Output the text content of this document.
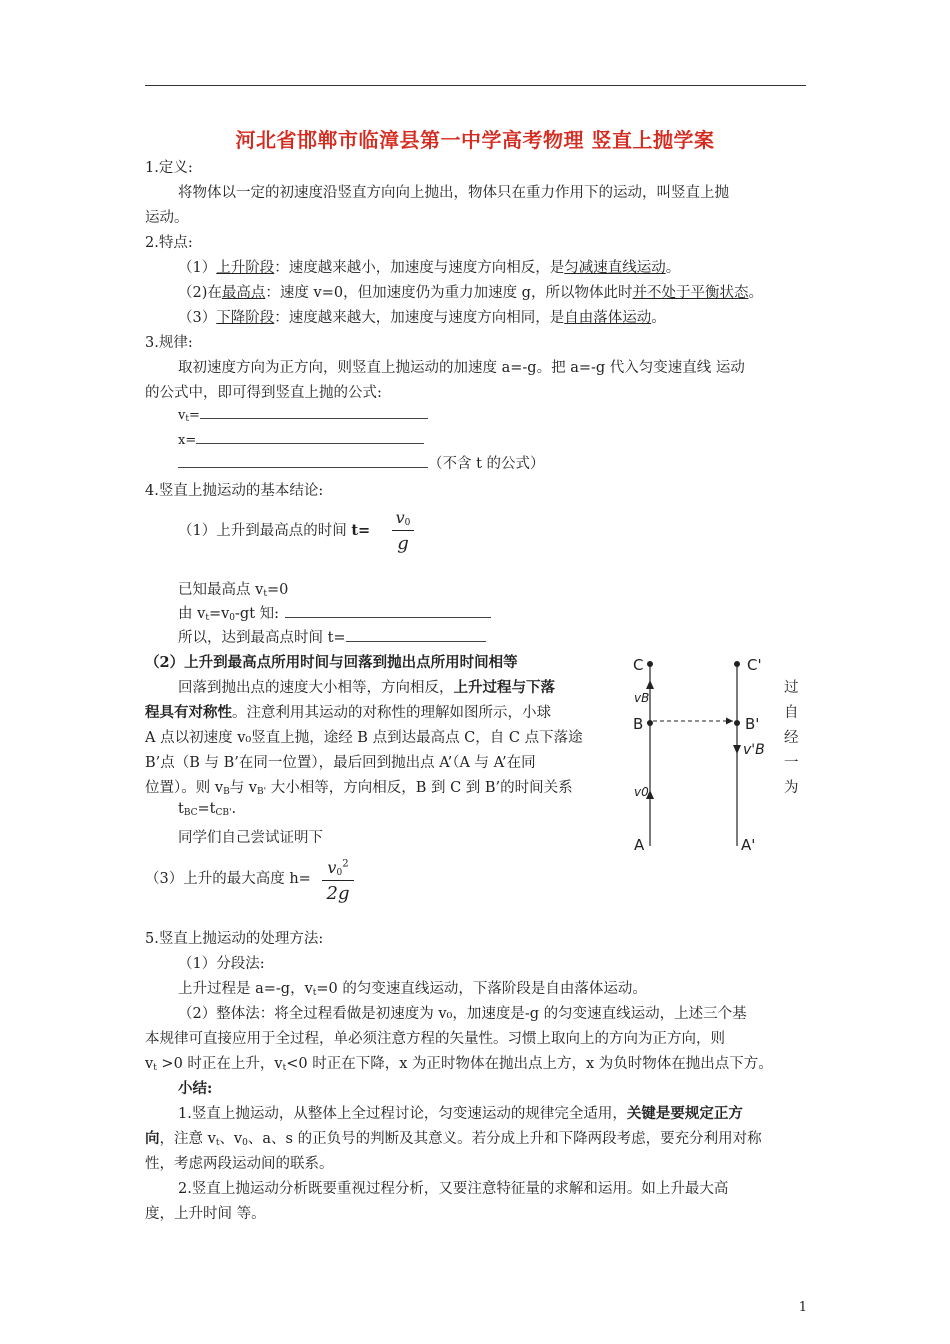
河北省邯郸市临漳县第一中学高考物理 竖直上抛学案
1.定义:
将物体以一定的初速度沿竖直方向向上抛出，物体只在重力作用下的运动，叫竖直上抛
运动。
2.特点:
（1）上升阶段：速度越来越小，加速度与速度方向相反，是匀减速直线运动。
（2)在最高点：速度 v=0，但加速度仍为重力加速度 g，所以物体此时并不处于平衡状态。
（3）下降阶段：速度越来越大，加速度与速度方向相同，是自由落体运动。
3.规律:
取初速度方向为正方向，则竖直上抛运动的加速度 a=-g。把 a=-g 代入匀变速直线 运动
的公式中，即可得到竖直上抛的公式:
$v_t=$
x=
（不含 t 的公式）
4.竖直上抛运动的基本结论:
（1）上升到最高点的时间 t=
$v_0$
g
已知最高点 $v_t=0$
由 $v_t=v_0-gt$ 知:
所以，达到最高点时间 t=
（2）上升到最高点所用时间与回落到抛出点所用时间相等
回落到抛出点的速度大小相等，方向相反，上升过程与下落
程具有对称性。注意利用其运动的对称性的理解如图所示，小球
A 点以初速度 v₀竖直上抛，途经 B 点到达最高点 C，自 C 点下落途
B’点（B 与 B’在同一位置），最后回到抛出点 A’（A 与 A’在同
位置）。则 $v_B$与 $v_{B'}$ 大小相等，方向相反，B 到 C 到 B’的时间关系
$t_{BC}=t_{CB'}$.
同学们自己尝试证明下
过
自
经
一
为
C
B
A
C'
B'
A'
vB
v0
v'B
（3）上升的最大高度 h=
$v_0^2$
2g
5.竖直上抛运动的处理方法:
（1）分段法:
上升过程是 a=-g，$v_t=0$ 的匀变速直线运动，下落阶段是自由落体运动。
（2）整体法：将全过程看做是初速度为 v₀，加速度是-g 的匀变速直线运动，上述三个基
本规律可直接应用于全过程，单必须注意方程的矢量性。习惯上取向上的方向为正方向，则
$v_t >0$ 时正在上升，$v_t<0$ 时正在下降，x 为正时物体在抛出点上方，x 为负时物体在抛出点下方。
小结:
1.竖直上抛运动，从整体上全过程讨论，匀变速运动的规律完全适用，关键是要规定正方
向，注意 $v_t$、$v_0$、a、s 的正负号的判断及其意义。若分成上升和下降两段考虑，要充分利用对称
性，考虑两段运动间的联系。
2.竖直上抛运动分析既要重视过程分析，又要注意特征量的求解和运用。如上升最大高
度，上升时间 等。
1
